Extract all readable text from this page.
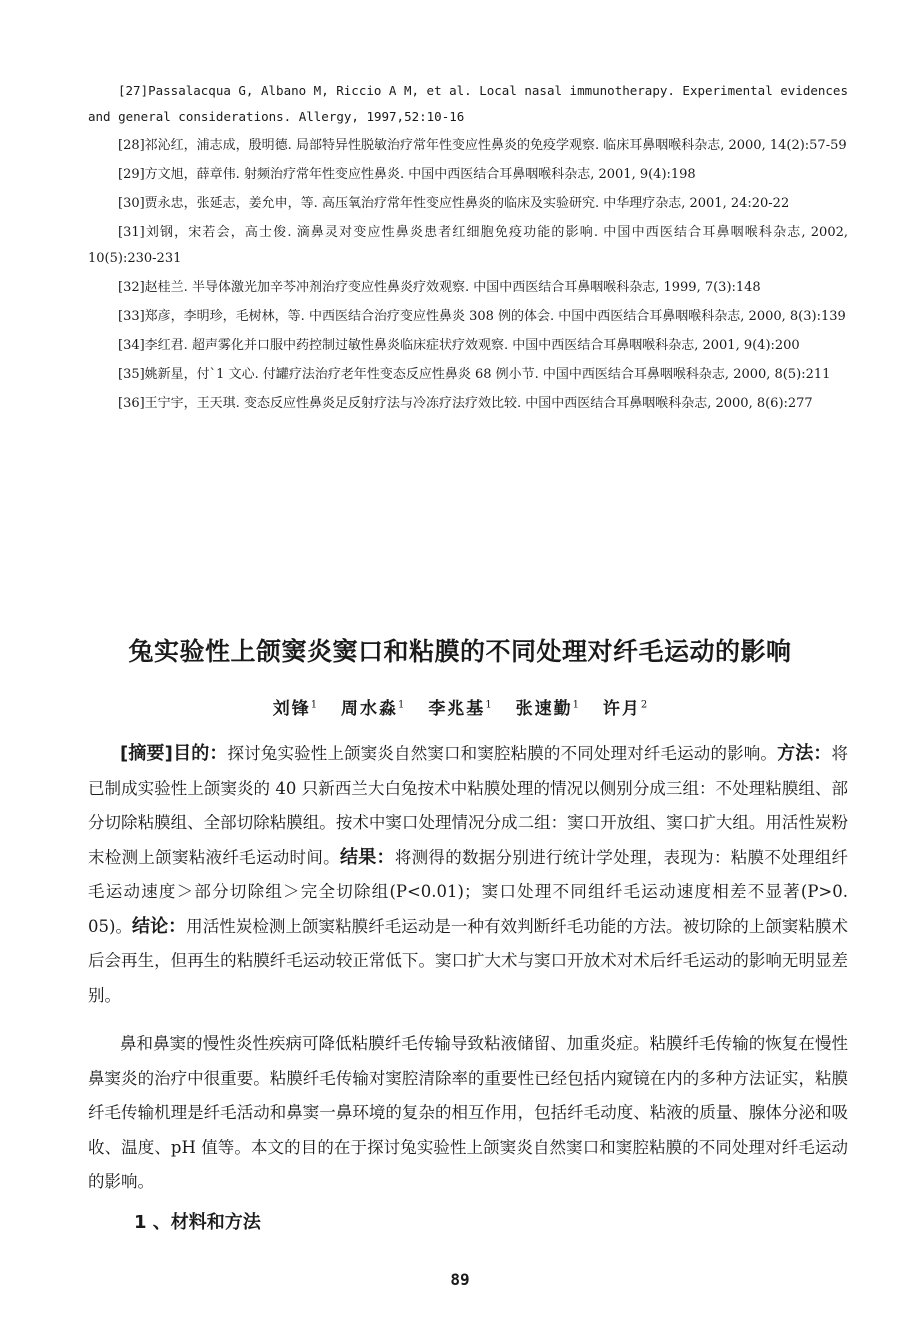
[27]Passalacqua G, Albano M, Riccio A M, et al. Local nasal immunotherapy. Experimental evidences and general considerations. Allergy, 1997,52:10-16

[28]祁沁红，浦志成，殷明德. 局部特异性脱敏治疗常年性变应性鼻炎的免疫学观察. 临床耳鼻咽喉科杂志, 2000, 14(2):57-59

[29]方文旭，薛章伟. 射频治疗常年性变应性鼻炎. 中国中西医结合耳鼻咽喉科杂志, 2001, 9(4):198

[30]贾永忠，张延志，姜允申，等. 高压氧治疗常年性变应性鼻炎的临床及实验研究. 中华理疗杂志, 2001, 24:20-22

[31]刘钢，宋若会，高士俊. 滴鼻灵对变应性鼻炎患者红细胞免疫功能的影响. 中国中西医结合耳鼻咽喉科杂志, 2002, 10(5):230-231

[32]赵桂兰. 半导体激光加辛芩冲剂治疗变应性鼻炎疗效观察. 中国中西医结合耳鼻咽喉科杂志, 1999, 7(3):148

[33]郑彦，李明珍，毛树林，等. 中西医结合治疗变应性鼻炎 308 例的体会. 中国中西医结合耳鼻咽喉科杂志, 2000, 8(3):139

[34]李红君. 超声雾化并口服中药控制过敏性鼻炎临床症状疗效观察. 中国中西医结合耳鼻咽喉科杂志, 2001, 9(4):200

[35]姚新星，付`1 文心. 付罐疗法治疗老年性变态反应性鼻炎 68 例小节. 中国中西医结合耳鼻咽喉科杂志, 2000, 8(5):211

[36]王宁宇，王天琪. 变态反应性鼻炎足反射疗法与冷冻疗法疗效比较. 中国中西医结合耳鼻咽喉科杂志, 2000, 8(6):277

兔实验性上颌窦炎窦口和粘膜的不同处理对纤毛运动的影响
刘锋$^1$ 周水淼$^1$ 李兆基$^1$ 张速勤$^1$ 许月$^2$

[摘要]目的：探讨兔实验性上颌窦炎自然窦口和窦腔粘膜的不同处理对纤毛运动的影响。方法：将已制成实验性上颌窦炎的 40 只新西兰大白兔按术中粘膜处理的情况以侧别分成三组：不处理粘膜组、部分切除粘膜组、全部切除粘膜组。按术中窦口处理情况分成二组：窦口开放组、窦口扩大组。用活性炭粉末检测上颌窦粘液纤毛运动时间。结果：将测得的数据分别进行统计学处理，表现为：粘膜不处理组纤毛运动速度＞部分切除组＞完全切除组(P<0.01)；窦口处理不同组纤毛运动速度相差不显著(P>0. 05)。结论：用活性炭检测上颌窦粘膜纤毛运动是一种有效判断纤毛功能的方法。被切除的上颌窦粘膜术后会再生，但再生的粘膜纤毛运动较正常低下。窦口扩大术与窦口开放术对术后纤毛运动的影响无明显差别。

鼻和鼻窦的慢性炎性疾病可降低粘膜纤毛传输导致粘液储留、加重炎症。粘膜纤毛传输的恢复在慢性鼻窦炎的治疗中很重要。粘膜纤毛传输对窦腔清除率的重要性已经包括内窥镜在内的多种方法证实，粘膜纤毛传输机理是纤毛活动和鼻窦一鼻环境的复杂的相互作用，包括纤毛动度、粘液的质量、腺体分泌和吸收、温度、pH 值等。本文的目的在于探讨兔实验性上颌窦炎自然窦口和窦腔粘膜的不同处理对纤毛运动的影响。

1 、材料和方法
89
